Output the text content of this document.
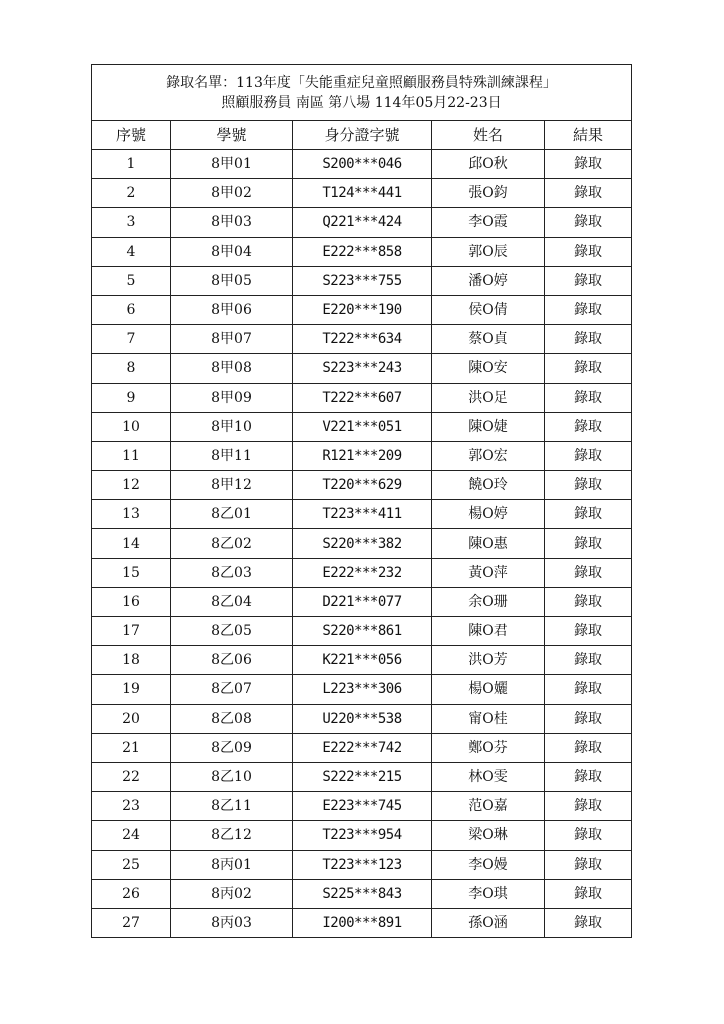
錄取名單：113年度「失能重症兒童照顧服務員特殊訓練課程」
照顧服務員 南區 第八場 114年05月22-23日				

序號	學號	身分證字號	姓名	結果
1	8甲01	S200***046	邱O秋	錄取
2	8甲02	T124***441	張O鈞	錄取
3	8甲03	Q221***424	李O霞	錄取
4	8甲04	E222***858	郭O辰	錄取
5	8甲05	S223***755	潘O婷	錄取
6	8甲06	E220***190	侯O倩	錄取
7	8甲07	T222***634	蔡O貞	錄取
8	8甲08	S223***243	陳O安	錄取
9	8甲09	T222***607	洪O足	錄取
10	8甲10	V221***051	陳O婕	錄取
11	8甲11	R121***209	郭O宏	錄取
12	8甲12	T220***629	饒O玲	錄取
13	8乙01	T223***411	楊O婷	錄取
14	8乙02	S220***382	陳O惠	錄取
15	8乙03	E222***232	黃O萍	錄取
16	8乙04	D221***077	余O珊	錄取
17	8乙05	S220***861	陳O君	錄取
18	8乙06	K221***056	洪O芳	錄取
19	8乙07	L223***306	楊O孋	錄取
20	8乙08	U220***538	甯O桂	錄取
21	8乙09	E222***742	鄭O芬	錄取
22	8乙10	S222***215	林O雯	錄取
23	8乙11	E223***745	范O嘉	錄取
24	8乙12	T223***954	梁O琳	錄取
25	8丙01	T223***123	李O嫚	錄取
26	8丙02	S225***843	李O琪	錄取
27	8丙03	I200***891	孫O涵	錄取
